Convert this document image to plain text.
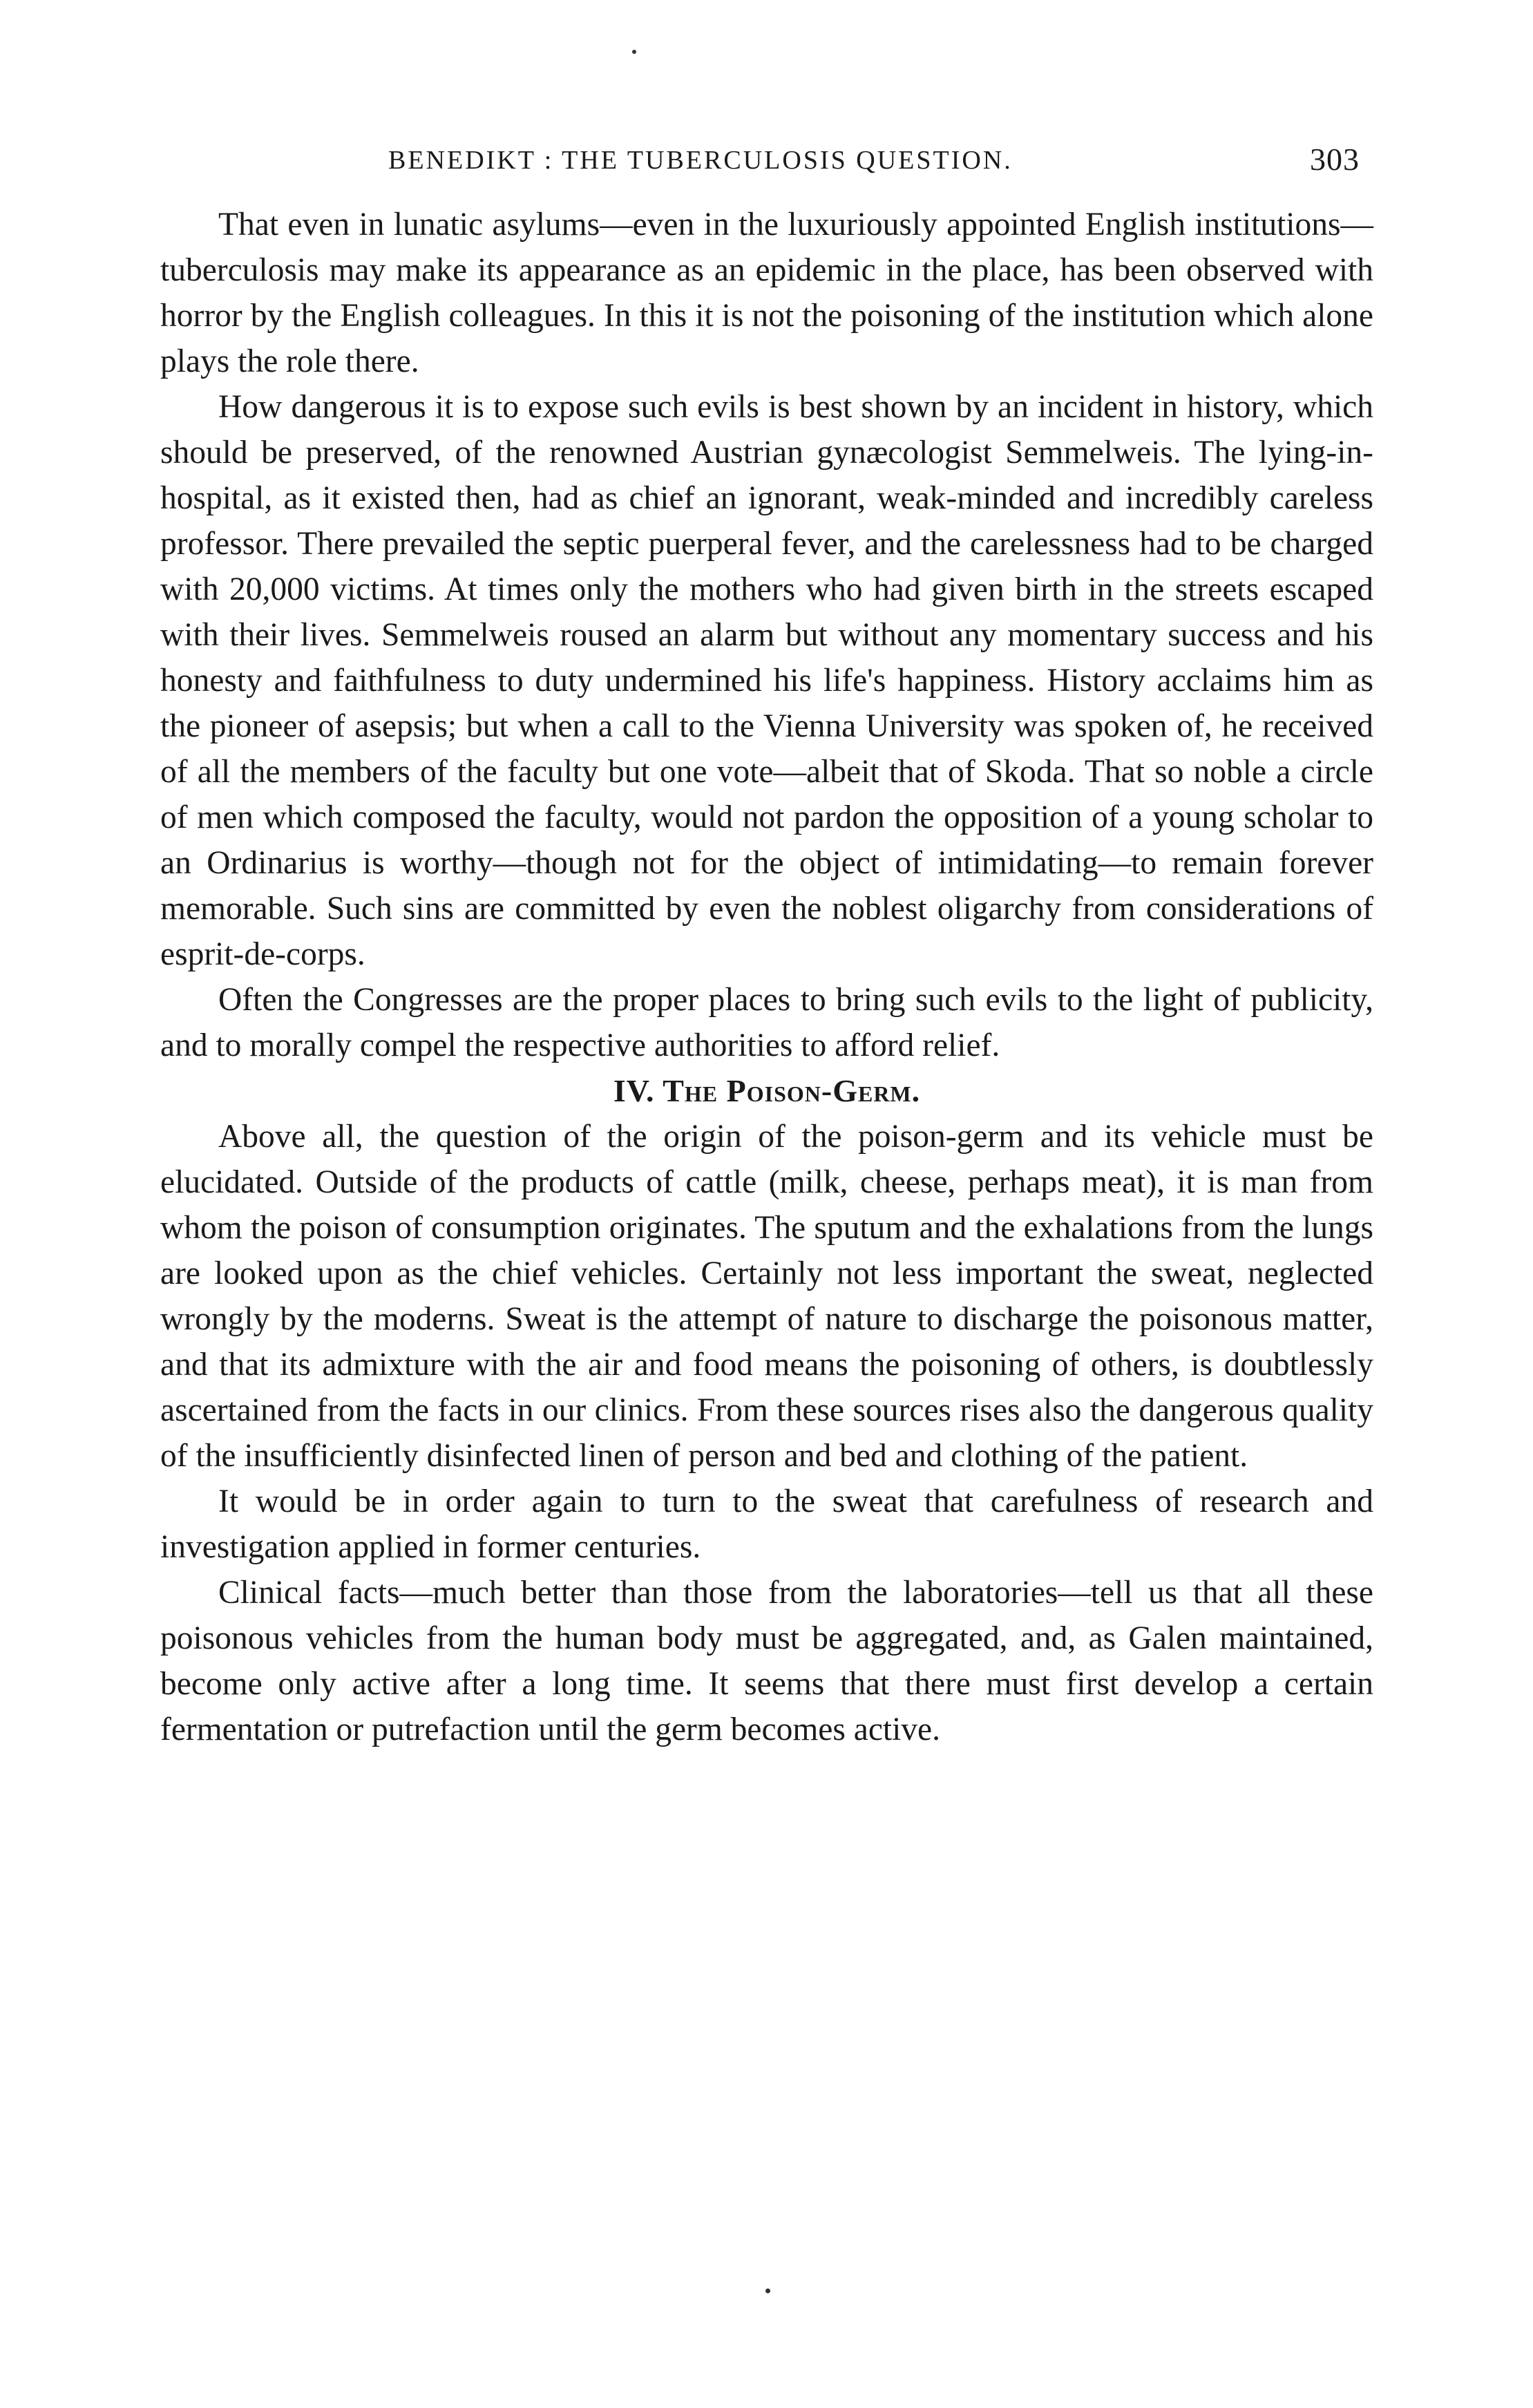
BENEDIKT : THE TUBERCULOSIS QUESTION.	303

That even in lunatic asylums—even in the luxuriously appointed English institutions—tuberculosis may make its appearance as an epidemic in the place, has been observed with horror by the English colleagues. In this it is not the poisoning of the institution which alone plays the role there.

How dangerous it is to expose such evils is best shown by an incident in history, which should be preserved, of the renowned Austrian gynæcologist Semmelweis. The lying-in-hospital, as it existed then, had as chief an ignorant, weak-minded and incredibly careless professor. There prevailed the septic puerperal fever, and the carelessness had to be charged with 20,000 victims. At times only the mothers who had given birth in the streets escaped with their lives. Semmelweis roused an alarm but without any momentary success and his honesty and faithfulness to duty undermined his life's happiness. History acclaims him as the pioneer of asepsis; but when a call to the Vienna University was spoken of, he received of all the members of the faculty but one vote—albeit that of Skoda. That so noble a circle of men which composed the faculty, would not pardon the opposition of a young scholar to an Ordinarius is worthy—though not for the object of intimidating—to remain forever memorable. Such sins are committed by even the noblest oligarchy from considerations of esprit-de-corps.

Often the Congresses are the proper places to bring such evils to the light of publicity, and to morally compel the respective authorities to afford relief.

IV. The Poison-Germ.

Above all, the question of the origin of the poison-germ and its vehicle must be elucidated. Outside of the products of cattle (milk, cheese, perhaps meat), it is man from whom the poison of consumption originates. The sputum and the exhalations from the lungs are looked upon as the chief vehicles. Certainly not less important the sweat, neglected wrongly by the moderns. Sweat is the attempt of nature to discharge the poisonous matter, and that its admixture with the air and food means the poisoning of others, is doubtlessly ascertained from the facts in our clinics. From these sources rises also the dangerous quality of the insufficiently disinfected linen of person and bed and clothing of the patient.

It would be in order again to turn to the sweat that carefulness of research and investigation applied in former centuries.

Clinical facts—much better than those from the laboratories—tell us that all these poisonous vehicles from the human body must be aggregated, and, as Galen maintained, become only active after a long time. It seems that there must first develop a certain fermentation or putrefaction until the germ becomes active.
